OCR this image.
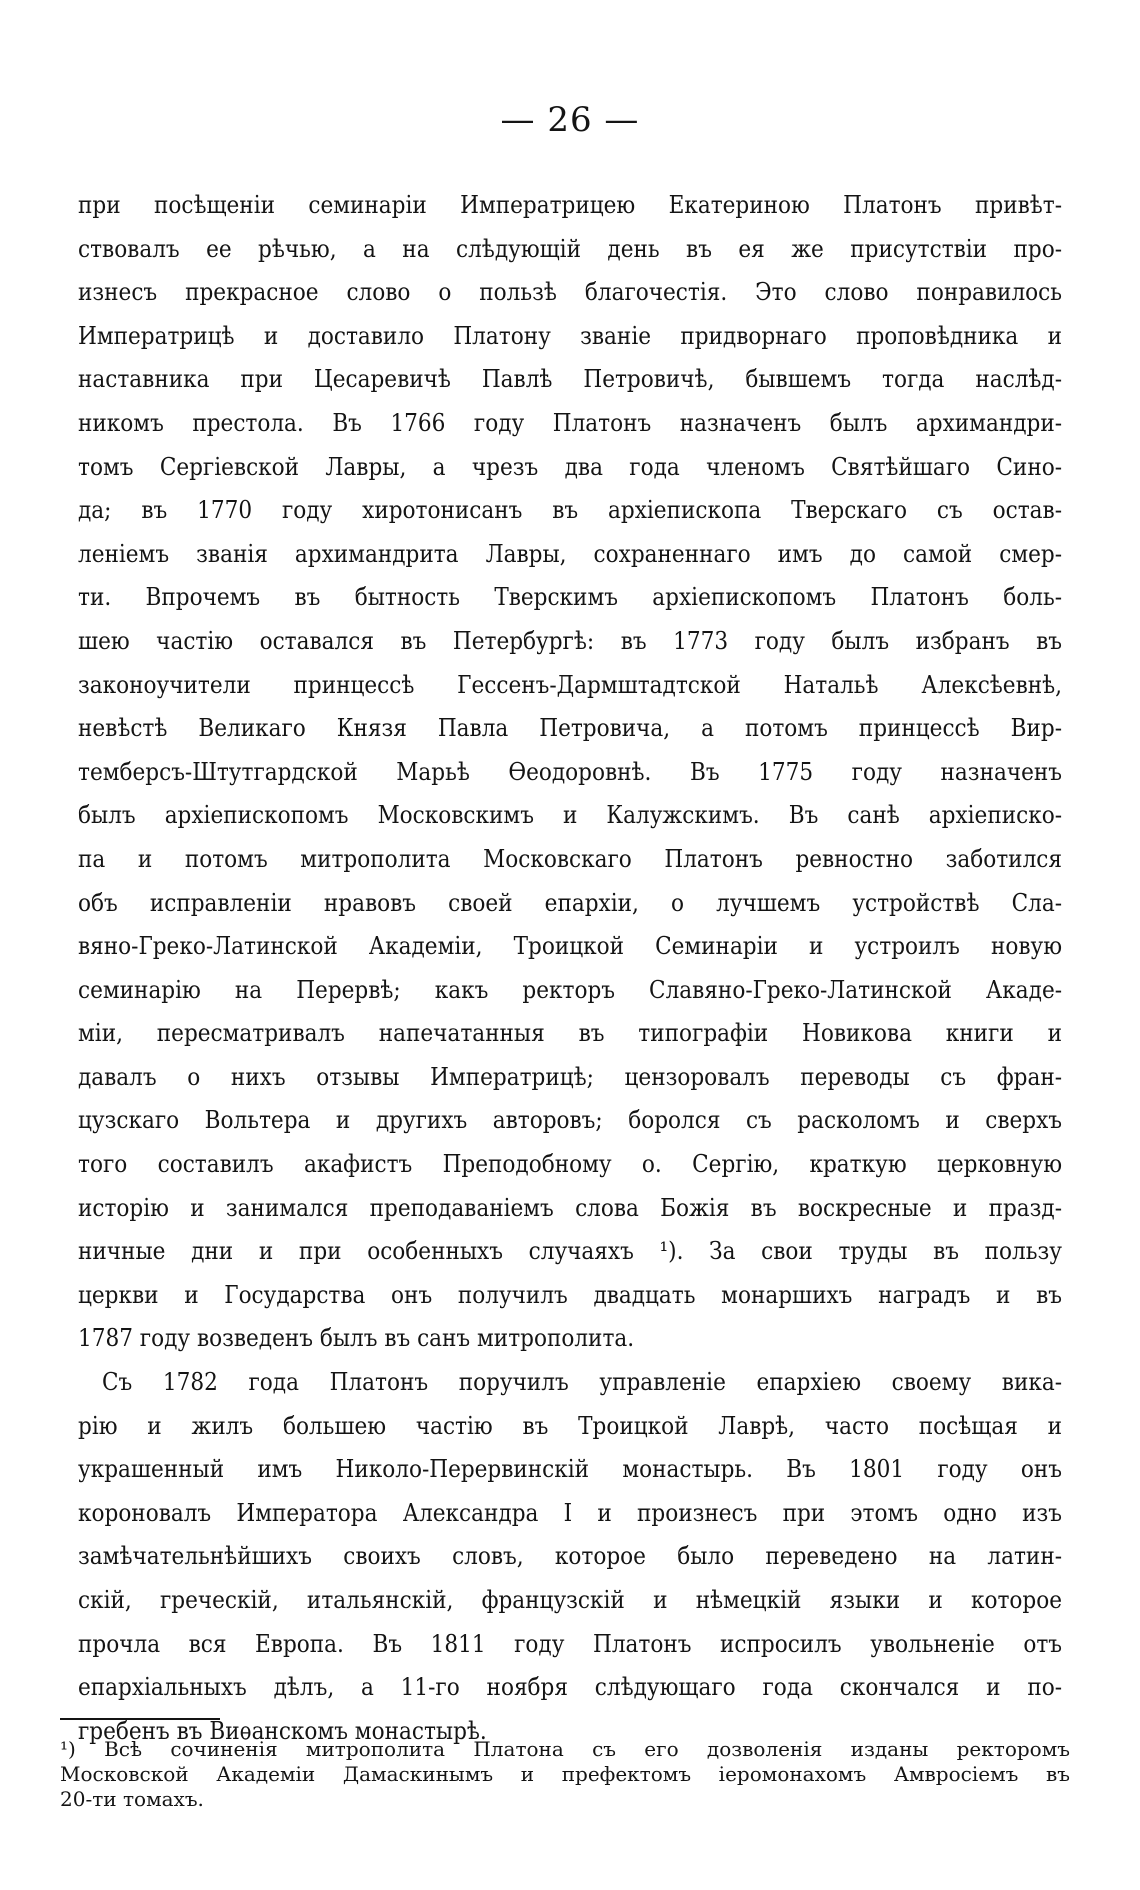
— 26 —
при посѣщеніи семинаріи Императрицею Екатериною Платонъ привѣт-
ствовалъ ее рѣчью, а на слѣдующій день въ ея же присутствіи про-
изнесъ прекрасное слово о пользѣ благочестія. Это слово понравилось
Императрицѣ и доставило Платону званіе придворнаго проповѣдника и
наставника при Цесаревичѣ Павлѣ Петровичѣ, бывшемъ тогда наслѣд-
никомъ престола. Въ 1766 году Платонъ назначенъ былъ архимандри-
томъ Сергіевской Лавры, а чрезъ два года членомъ Святѣйшаго Сино-
да; въ 1770 году хиротонисанъ въ архіепископа Тверскаго съ остав-
леніемъ званія архимандрита Лавры, сохраненнаго имъ до самой смер-
ти. Впрочемъ въ бытность Тверскимъ архіепископомъ Платонъ боль-
шею частію оставался въ Петербургѣ: въ 1773 году былъ избранъ въ
законоучители принцессѣ Гессенъ-Дармштадтской Натальѣ Алексѣевнѣ,
невѣстѣ Великаго Князя Павла Петровича, а потомъ принцессѣ Вир-
темберсъ-Штутгардской Марьѣ Ѳеодоровнѣ. Въ 1775 году назначенъ
былъ архіепископомъ Московскимъ и Калужскимъ. Въ санѣ архіеписко-
па и потомъ митрополита Московскаго Платонъ ревностно заботился
объ исправленіи нравовъ своей епархіи, о лучшемъ устройствѣ Сла-
вяно-Греко-Латинской Академіи, Троицкой Семинаріи и устроилъ новую
семинарію на Перервѣ; какъ ректоръ Славяно-Греко-Латинской Акаде-
міи, пересматривалъ напечатанныя въ типографіи Новикова книги и
давалъ о нихъ отзывы Императрицѣ; цензоровалъ переводы съ фран-
цузскаго Вольтера и другихъ авторовъ; боролся съ расколомъ и сверхъ
того составилъ акафистъ Преподобному о. Сергію, краткую церковную
исторію и занимался преподаваніемъ слова Божія въ воскресные и празд-
ничные дни и при особенныхъ случаяхъ ¹). За свои труды въ пользу
церкви и Государства онъ получилъ двадцать монаршихъ наградъ и въ
1787 году возведенъ былъ въ санъ митрополита.
Съ 1782 года Платонъ поручилъ управленіе епархіею своему вика-
рію и жилъ большею частію въ Троицкой Лаврѣ, часто посѣщая и
украшенный имъ Николо-Перервинскій монастырь. Въ 1801 году онъ
короновалъ Императора Александра I и произнесъ при этомъ одно изъ
замѣчательнѣйшихъ своихъ словъ, которое было переведено на латин-
скій, греческій, итальянскій, французскій и нѣмецкій языки и которое
прочла вся Европа. Въ 1811 году Платонъ испросилъ увольненіе отъ
епархіальныхъ дѣлъ, а 11-го ноября слѣдующаго года скончался и по-
гребенъ въ Виѳанскомъ монастырѣ.
¹) Всѣ сочиненія митрополита Платона съ его дозволенія изданы ректоромъ
Московской Академіи Дамаскинымъ и префектомъ іеромонахомъ Амвросіемъ въ
20-ти томахъ.
